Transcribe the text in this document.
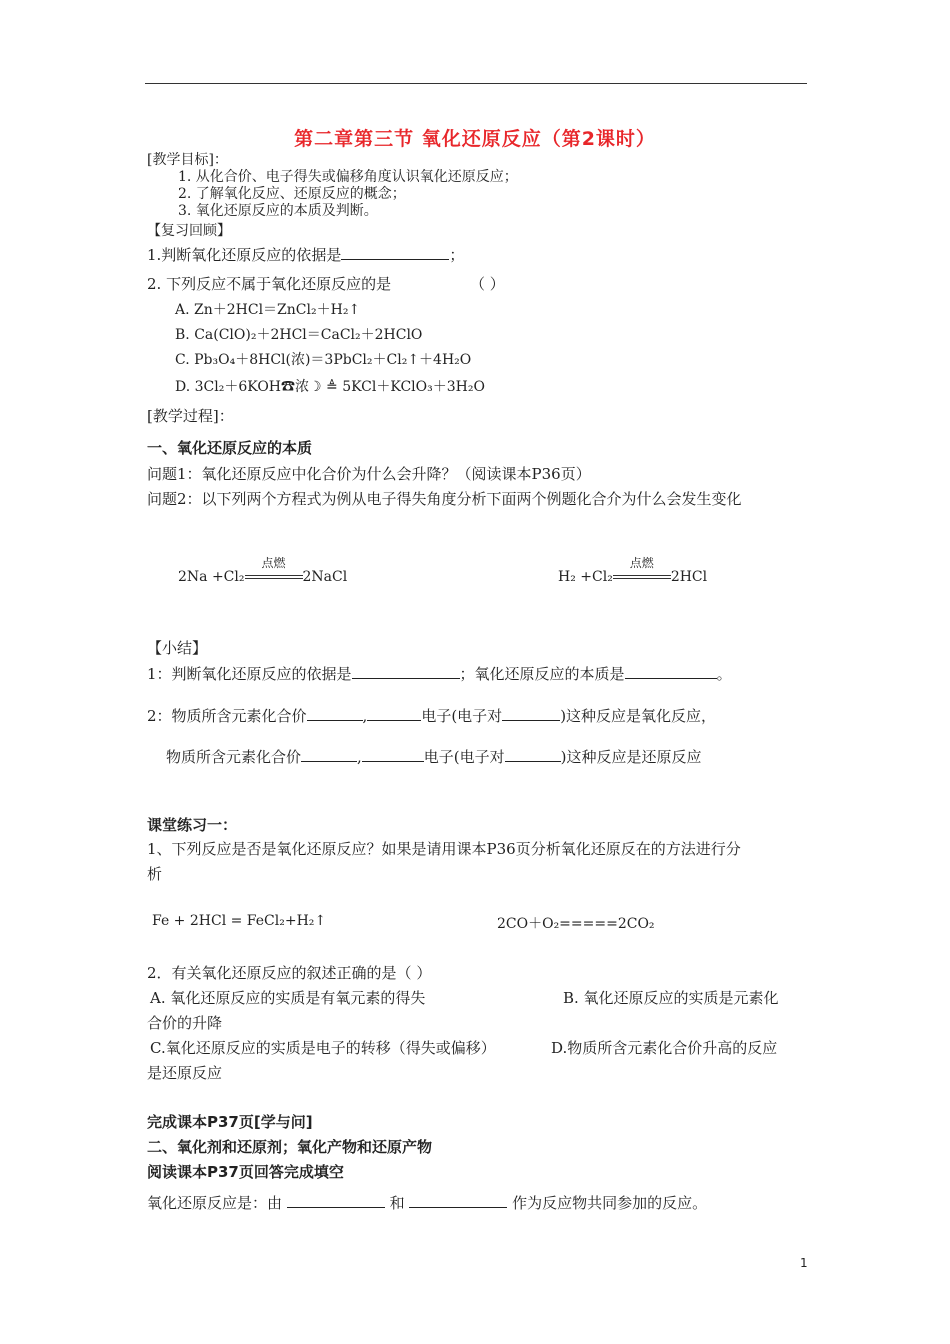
第二章第三节 氧化还原反应（第2课时）
[教学目标]：
1. 从化合价、电子得失或偏移角度认识氧化还原反应；
2. 了解氧化反应、还原反应的概念；
3. 氧化还原反应的本质及判断。
【复习回顾】
1.判断氧化还原反应的依据是	；
2. 下列反应不属于氧化还原反应的是	（ ）
A. Zn＋2HCl＝ZnCl₂＋H₂↑
B. Ca(ClO)₂＋2HCl＝CaCl₂＋2HClO
C. Pb₃O₄＋8HCl(浓)＝3PbCl₂＋Cl₂↑＋4H₂O
D. 3Cl₂＋6KOH☎浓☽ ≜ 5KCl＋KClO₃＋3H₂O
[教学过程]：
一、氧化还原反应的本质
问题1：氧化还原反应中化合价为什么会升降？（阅读课本P36页）
问题2：以下列两个方程式为例从电子得失角度分析下面两个例题化合介为什么会发生变化
2Na +Cl₂
点燃
2NaCl	H₂ +Cl₂
点燃
2HCl
【小结】
1：判断氧化还原反应的依据是	；氧化还原反应的本质是	。
2：物质所含元素化合价	,	电子(电子对	)这种反应是氧化反应，
物质所含元素化合价	,	电子(电子对	)这种反应是还原反应
课堂练习一：
1、下列反应是否是氧化还原反应？如果是请用课本P36页分析氧化还原反在的方法进行分
析
Fe + 2HCl = FeCl₂+H₂↑	2CO＋O₂=====2CO₂
2．有关氧化还原反应的叙述正确的是（ ）
A. 氧化还原反应的实质是有氧元素的得失	B. 氧化还原反应的实质是元素化
合价的升降
C.氧化还原反应的实质是电子的转移（得失或偏移）	D.物质所含元素化合价升高的反应
是还原反应
完成课本P37页[学与问]
二、氧化剂和还原剂；氧化产物和还原产物
阅读课本P37页回答完成填空
氧化还原反应是：由	和	作为反应物共同参加的反应。
1
